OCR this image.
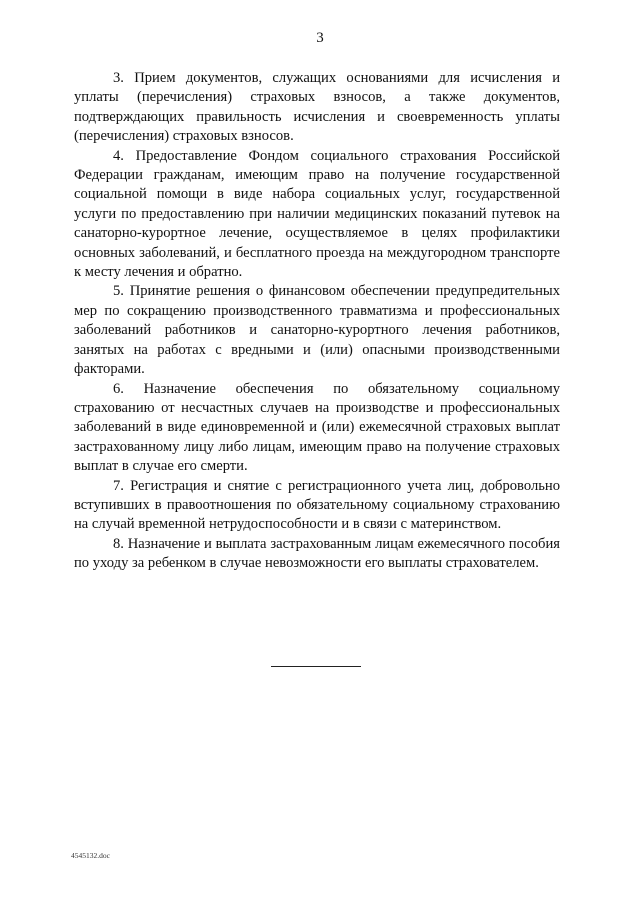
3

3. Прием документов, служащих основаниями для исчисления и уплаты (перечисления) страховых взносов, а также документов, подтверждающих правильность исчисления и своевременность уплаты (перечисления) страховых взносов.

4. Предоставление Фондом социального страхования Российской Федерации гражданам, имеющим право на получение государственной социальной помощи в виде набора социальных услуг, государственной услуги по предоставлению при наличии медицинских показаний путевок на санаторно-курортное лечение, осуществляемое в целях профилактики основных заболеваний, и бесплатного проезда на междугородном транспорте к месту лечения и обратно.

5. Принятие решения о финансовом обеспечении предупредительных мер по сокращению производственного травматизма и профессиональных заболеваний работников и санаторно-курортного лечения работников, занятых на работах с вредными и (или) опасными производственными факторами.

6. Назначение обеспечения по обязательному социальному страхованию от несчастных случаев на производстве и профессиональных заболеваний в виде единовременной и (или) ежемесячной страховых выплат застрахованному лицу либо лицам, имеющим право на получение страховых выплат в случае его смерти.

7. Регистрация и снятие с регистрационного учета лиц, добровольно вступивших в правоотношения по обязательному социальному страхованию на случай временной нетрудоспособности и в связи с материнством.

8. Назначение и выплата застрахованным лицам ежемесячного пособия по уходу за ребенком в случае невозможности его выплаты страхователем.

4545132.doc
